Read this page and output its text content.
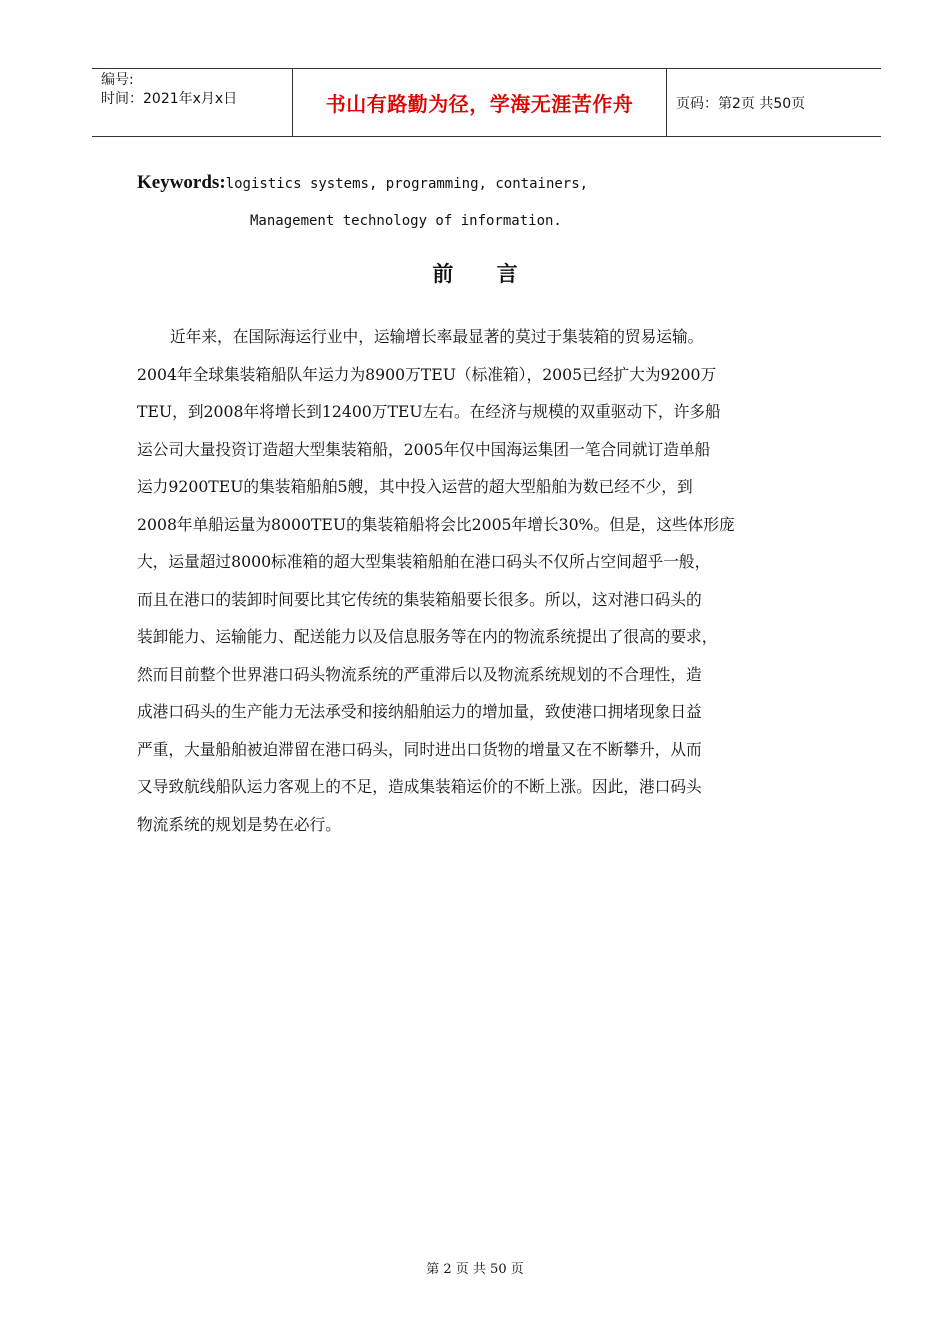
编号:
时间：2021年x月x日	书山有路勤为径，学海无涯苦作舟	页码：第2页 共50页
Keywords:logistics systems, programming, containers,
Management technology of information.
前 言
近年来，在国际海运行业中，运输增长率最显著的莫过于集装箱的贸易运输。
2004年全球集装箱船队年运力为8900万TEU（标准箱），2005已经扩大为9200万
TEU，到2008年将增长到12400万TEU左右。在经济与规模的双重驱动下，许多船
运公司大量投资订造超大型集装箱船，2005年仅中国海运集团一笔合同就订造单船
运力9200TEU的集装箱船舶5艘，其中投入运营的超大型船舶为数已经不少，到
2008年单船运量为8000TEU的集装箱船将会比2005年增长30%。但是，这些体形庞
大，运量超过8000标准箱的超大型集装箱船舶在港口码头不仅所占空间超乎一般，
而且在港口的装卸时间要比其它传统的集装箱船要长很多。所以，这对港口码头的
装卸能力、运输能力、配送能力以及信息服务等在内的物流系统提出了很高的要求，
然而目前整个世界港口码头物流系统的严重滞后以及物流系统规划的不合理性，造
成港口码头的生产能力无法承受和接纳船舶运力的增加量，致使港口拥堵现象日益
严重，大量船舶被迫滞留在港口码头，同时进出口货物的增量又在不断攀升，从而
又导致航线船队运力客观上的不足，造成集装箱运价的不断上涨。因此，港口码头
物流系统的规划是势在必行。
第 2 页 共 50 页
